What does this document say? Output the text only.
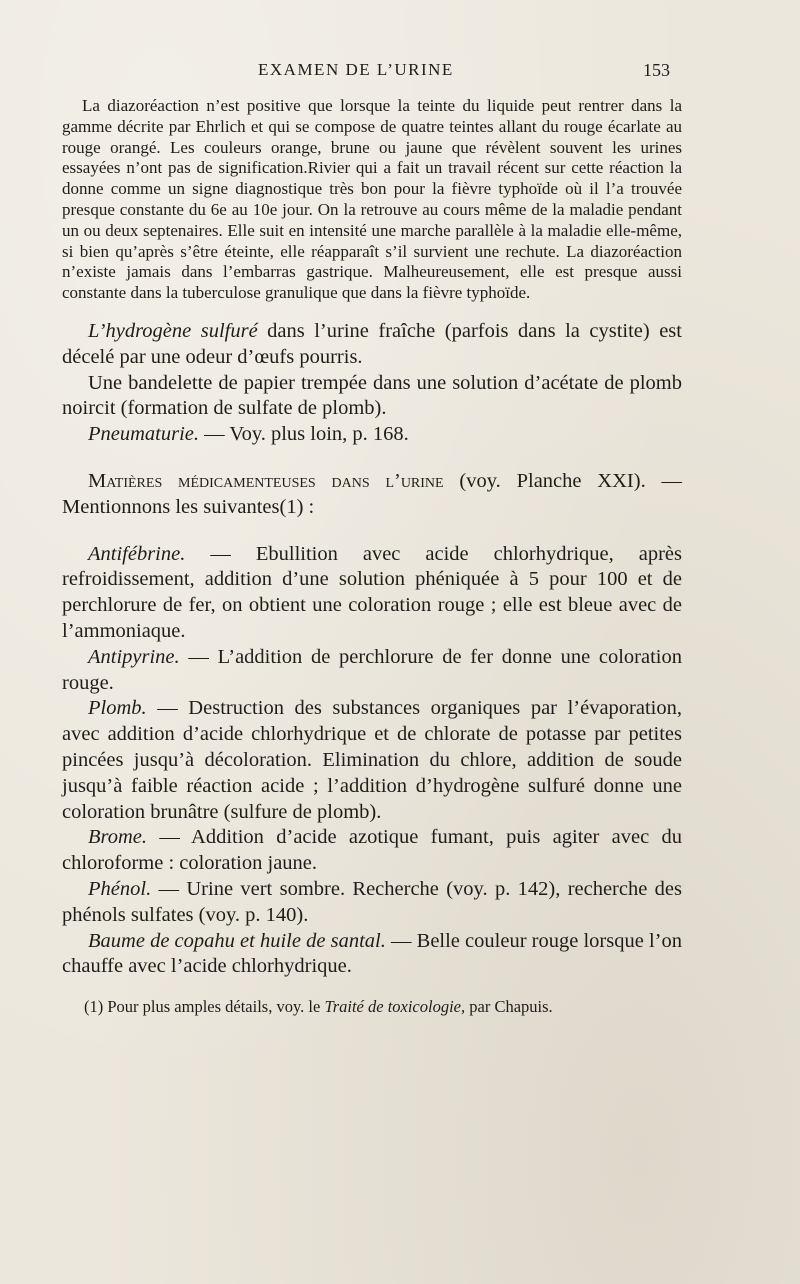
EXAMEN DE L’URINE	153

La diazoréaction n’est positive que lorsque la teinte du liquide peut rentrer dans la gamme décrite par Ehrlich et qui se compose de quatre teintes allant du rouge écarlate au rouge orangé. Les couleurs orange, brune ou jaune que révèlent souvent les urines essayées n’ont pas de signification.Rivier qui a fait un travail récent sur cette réaction la donne comme un signe diagnostique très bon pour la fièvre typhoïde où il l’a trouvée presque constante du 6e au 10e jour. On la retrouve au cours même de la maladie pendant un ou deux septenaires. Elle suit en intensité une marche parallèle à la maladie elle-même, si bien qu’après s’être éteinte, elle réapparaît s’il survient une rechute. La diazoréaction n’existe jamais dans l’embarras gastrique. Malheureusement, elle est presque aussi constante dans la tuberculose granulique que dans la fièvre typhoïde.

L’hydrogène sulfuré dans l’urine fraîche (parfois dans la cystite) est décelé par une odeur d’œufs pourris.

Une bandelette de papier trempée dans une solution d’acétate de plomb noircit (formation de sulfate de plomb).

Pneumaturie. — Voy. plus loin, p. 168.

Matières médicamenteuses dans l’urine (voy. Planche XXI). — Mentionnons les suivantes(1) :

Antifébrine. — Ebullition avec acide chlorhydrique, après refroidissement, addition d’une solution phéniquée à 5 pour 100 et de perchlorure de fer, on obtient une coloration rouge ; elle est bleue avec de l’ammoniaque.

Antipyrine. — L’addition de perchlorure de fer donne une coloration rouge.

Plomb. — Destruction des substances organiques par l’évaporation, avec addition d’acide chlorhydrique et de chlorate de potasse par petites pincées jusqu’à décoloration. Elimination du chlore, addition de soude jusqu’à faible réaction acide ; l’addition d’hydrogène sulfuré donne une coloration brunâtre (sulfure de plomb).

Brome. — Addition d’acide azotique fumant, puis agiter avec du chloroforme : coloration jaune.

Phénol. — Urine vert sombre. Recherche (voy. p. 142), recherche des phénols sulfates (voy. p. 140).

Baume de copahu et huile de santal. — Belle couleur rouge lorsque l’on chauffe avec l’acide chlorhydrique.

(1) Pour plus amples détails, voy. le Traité de toxicologie, par Chapuis.
